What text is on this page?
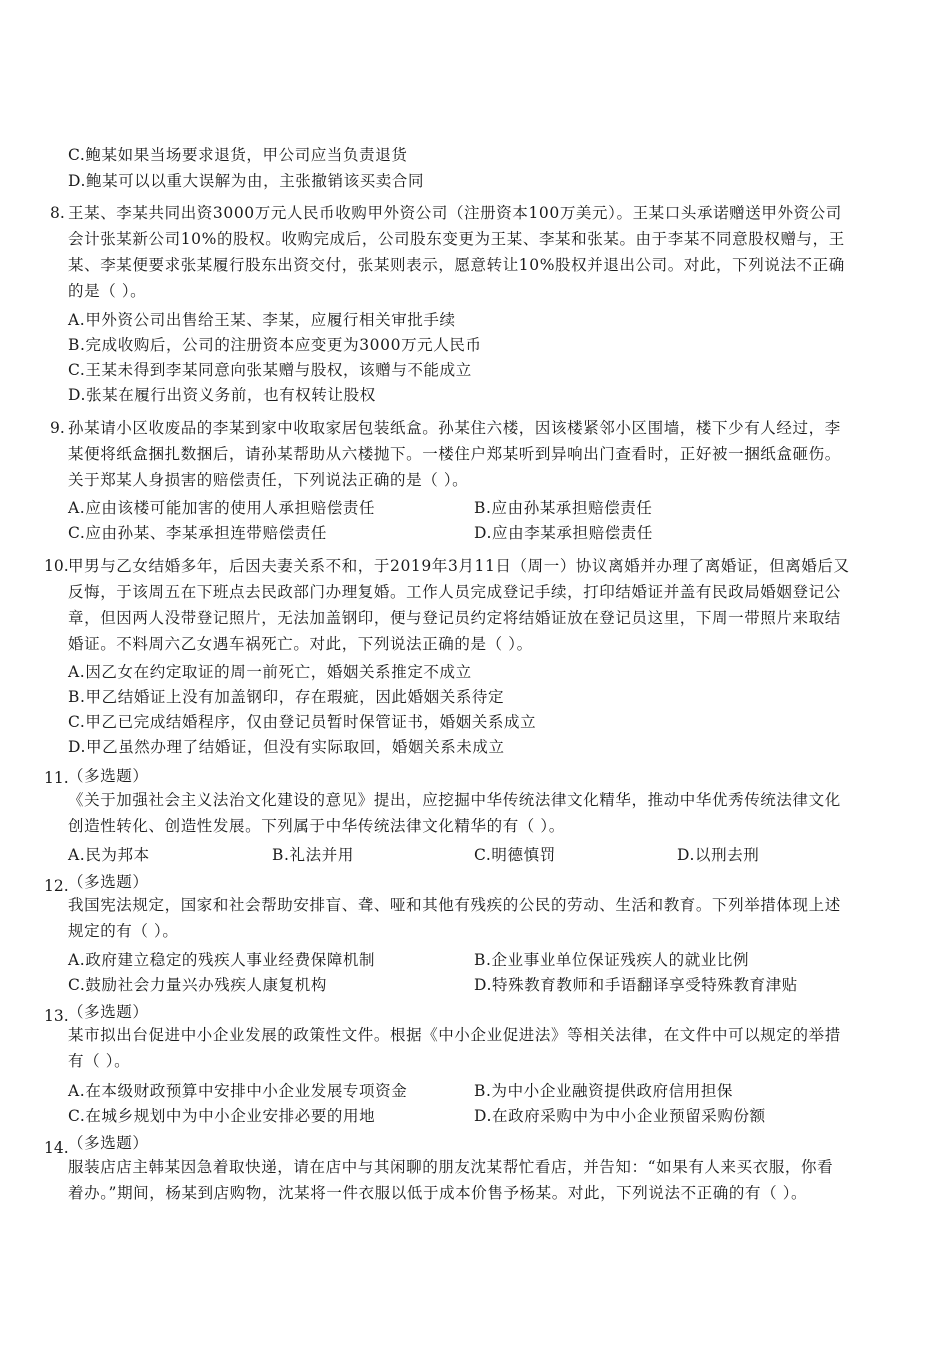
C.鲍某如果当场要求退货，甲公司应当负责退货
D.鲍某可以以重大误解为由，主张撤销该买卖合同
8. 王某、李某共同出资3000万元人民币收购甲外资公司（注册资本100万美元）。王某口头承诺赠送甲外资公司
会计张某新公司10%的股权。收购完成后，公司股东变更为王某、李某和张某。由于李某不同意股权赠与，王
某、李某便要求张某履行股东出资交付，张某则表示，愿意转让10%股权并退出公司。对此，下列说法不正确
的是（ ）。
A.甲外资公司出售给王某、李某，应履行相关审批手续
B.完成收购后，公司的注册资本应变更为3000万元人民币
C.王某未得到李某同意向张某赠与股权，该赠与不能成立
D.张某在履行出资义务前，也有权转让股权
9. 孙某请小区收废品的李某到家中收取家居包装纸盒。孙某住六楼，因该楼紧邻小区围墙，楼下少有人经过，李
某便将纸盒捆扎数捆后，请孙某帮助从六楼抛下。一楼住户郑某听到异响出门查看时，正好被一捆纸盒砸伤。
关于郑某人身损害的赔偿责任，下列说法正确的是（ ）。
A.应由该楼可能加害的使用人承担赔偿责任	B.应由孙某承担赔偿责任
C.应由孙某、李某承担连带赔偿责任	D.应由李某承担赔偿责任
10. 甲男与乙女结婚多年，后因夫妻关系不和，于2019年3月11日（周一）协议离婚并办理了离婚证，但离婚后又
反悔，于该周五在下班点去民政部门办理复婚。工作人员完成登记手续，打印结婚证并盖有民政局婚姻登记公
章，但因两人没带登记照片，无法加盖钢印，便与登记员约定将结婚证放在登记员这里，下周一带照片来取结
婚证。不料周六乙女遇车祸死亡。对此，下列说法正确的是（ ）。
A.因乙女在约定取证的周一前死亡，婚姻关系推定不成立
B.甲乙结婚证上没有加盖钢印，存在瑕疵，因此婚姻关系待定
C.甲乙已完成结婚程序，仅由登记员暂时保管证书，婚姻关系成立
D.甲乙虽然办理了结婚证，但没有实际取回，婚姻关系未成立
11. （多选题）
《关于加强社会主义法治文化建设的意见》提出，应挖掘中华传统法律文化精华，推动中华优秀传统法律文化
创造性转化、创造性发展。下列属于中华传统法律文化精华的有（ ）。
A.民为邦本	B.礼法并用	C.明德慎罚	D.以刑去刑
12. （多选题）
我国宪法规定，国家和社会帮助安排盲、聋、哑和其他有残疾的公民的劳动、生活和教育。下列举措体现上述
规定的有（ ）。
A.政府建立稳定的残疾人事业经费保障机制	B.企业事业单位保证残疾人的就业比例
C.鼓励社会力量兴办残疾人康复机构	D.特殊教育教师和手语翻译享受特殊教育津贴
13. （多选题）
某市拟出台促进中小企业发展的政策性文件。根据《中小企业促进法》等相关法律，在文件中可以规定的举措
有（ ）。
A.在本级财政预算中安排中小企业发展专项资金	B.为中小企业融资提供政府信用担保
C.在城乡规划中为中小企业安排必要的用地	D.在政府采购中为中小企业预留采购份额
14. （多选题）
服装店店主韩某因急着取快递，请在店中与其闲聊的朋友沈某帮忙看店，并告知：“如果有人来买衣服，你看
着办。”期间，杨某到店购物，沈某将一件衣服以低于成本价售予杨某。对此，下列说法不正确的有（ ）。
